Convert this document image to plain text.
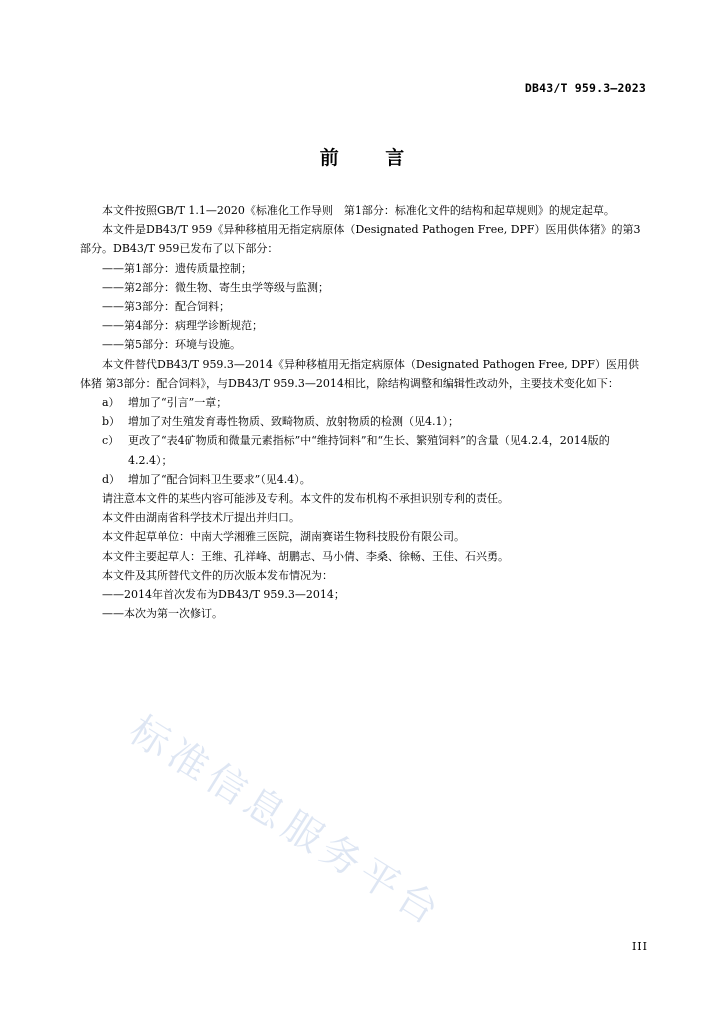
DB43/T 959.3—2023
前 言

本文件按照GB/T 1.1—2020《标准化工作导则　第1部分：标准化文件的结构和起草规则》的规定起草。

本文件是DB43/T 959《异种移植用无指定病原体（Designated Pathogen Free, DPF）医用供体猪》的第3部分。DB43/T 959已发布了以下部分：

——第1部分：遗传质量控制；

——第2部分：微生物、寄生虫学等级与监测；

——第3部分：配合饲料；

——第4部分：病理学诊断规范；

——第5部分：环境与设施。

本文件替代DB43/T 959.3—2014《异种移植用无指定病原体（Designated Pathogen Free, DPF）医用供体猪 第3部分：配合饲料》，与DB43/T 959.3—2014相比，除结构调整和编辑性改动外，主要技术变化如下：

a） 增加了“引言”一章；
b） 增加了对生殖发育毒性物质、致畸物质、放射物质的检测（见4.1）；
c） 更改了“表4矿物质和微量元素指标”中“维持饲料”和“生长、繁殖饲料”的含量（见4.2.4，2014版的4.2.4）；
d） 增加了“配合饲料卫生要求”（见4.4）。

请注意本文件的某些内容可能涉及专利。本文件的发布机构不承担识别专利的责任。

本文件由湖南省科学技术厅提出并归口。

本文件起草单位：中南大学湘雅三医院，湖南赛诺生物科技股份有限公司。

本文件主要起草人：王维、孔祥峰、胡鹏志、马小倩、李桑、徐畅、王佳、石兴勇。

本文件及其所替代文件的历次版本发布情况为：

——2014年首次发布为DB43/T 959.3—2014；

——本次为第一次修订。

标准信息服务平台
III
